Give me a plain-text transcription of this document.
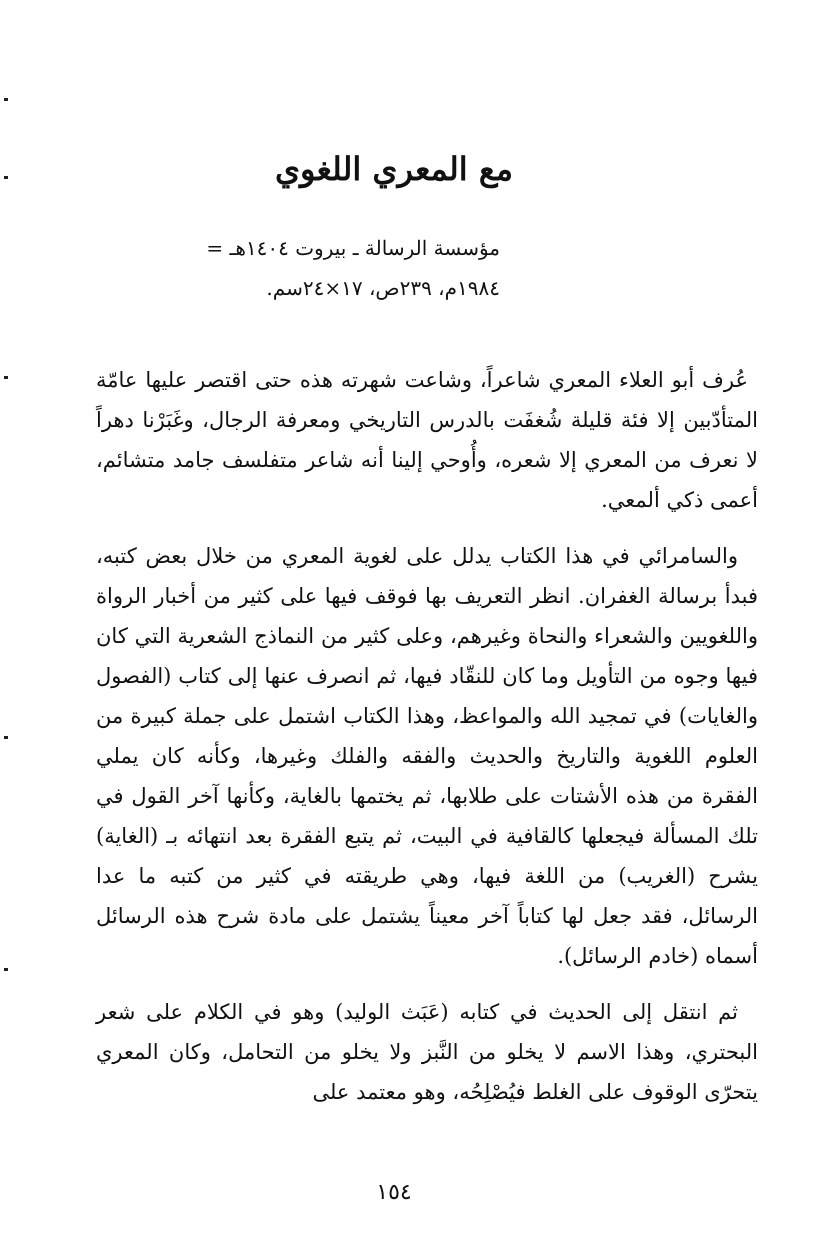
مع المعري اللغوي

مؤسسة الرسالة ـ بيروت ١٤٠٤هـ =

١٩٨٤م، ٢٣٩ص، ١٧×٢٤سم.

عُرف أبو العلاء المعري شاعراً، وشاعت شهرته هذه حتى اقتصر عليها عامّة المتأدّبين إلا فئة قليلة شُغفَت بالدرس التاريخي ومعرفة الرجال، وغَبَرْنا دهراً لا نعرف من المعري إلا شعره، وأُوحي إلينا أنه شاعر متفلسف جامد متشائم، أعمى ذكي ألمعي.

والسامرائي في هذا الكتاب يدلل على لغوية المعري من خلال بعض كتبه، فبدأ برسالة الغفران. انظر التعريف بها فوقف فيها على كثير من أخبار الرواة واللغويين والشعراء والنحاة وغيرهم، وعلى كثير من النماذج الشعرية التي كان فيها وجوه من التأويل وما كان للنقّاد فيها، ثم انصرف عنها إلى كتاب (الفصول والغايات) في تمجيد الله والمواعظ، وهذا الكتاب اشتمل على جملة كبيرة من العلوم اللغوية والتاريخ والحديث والفقه والفلك وغيرها، وكأنه كان يملي الفقرة من هذه الأشتات على طلابها، ثم يختمها بالغاية، وكأنها آخر القول في تلك المسألة فيجعلها كالقافية في البيت، ثم يتبع الفقرة بعد انتهائه بـ (الغاية) يشرح (الغريب) من اللغة فيها، وهي طريقته في كثير من كتبه ما عدا الرسائل، فقد جعل لها كتاباً آخر معيناً يشتمل على مادة شرح هذه الرسائل أسماه (خادم الرسائل).

ثم انتقل إلى الحديث في كتابه (عَبَث الوليد) وهو في الكلام على شعر البحتري، وهذا الاسم لا يخلو من النَّبز ولا يخلو من التحامل، وكان المعري يتحرّى الوقوف على الغلط فيُصْلِحُه، وهو معتمد على

١٥٤
